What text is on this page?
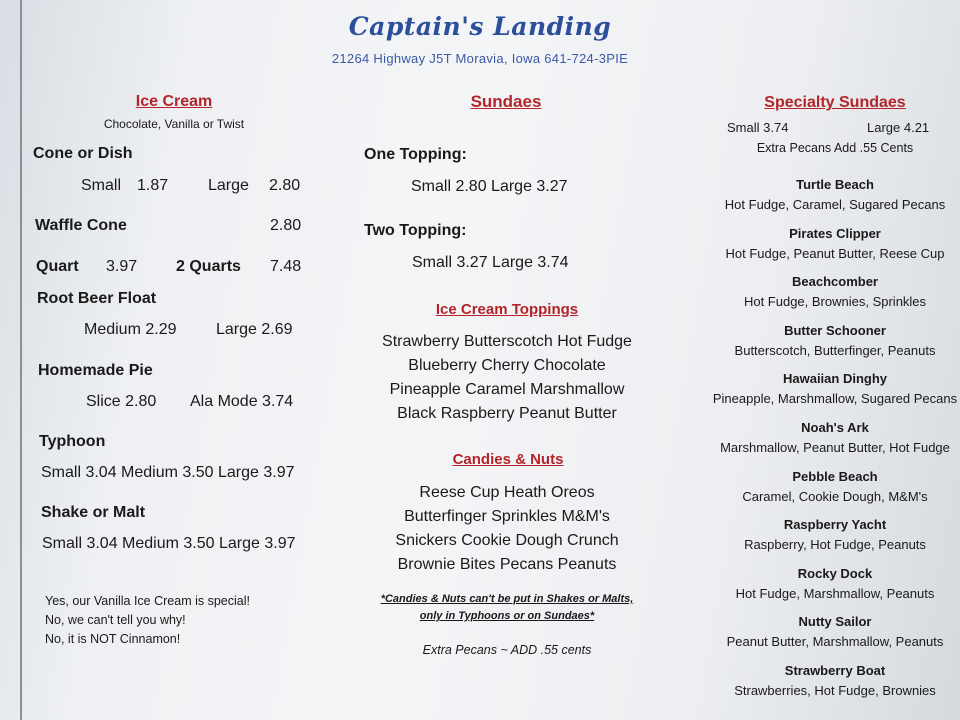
Captain's Landing
21264 Highway J5T Moravia, Iowa 641-724-3PIE
Ice Cream
Chocolate, Vanilla or Twist
Cone or Dish
Small 1.87 Large 2.80
Waffle Cone	2.80
Quart 3.97 2 Quarts 7.48
Root Beer Float
Medium 2.29 Large 2.69
Homemade Pie
Slice 2.80 Ala Mode 3.74
Typhoon
Small 3.04 Medium 3.50 Large 3.97
Shake or Malt
Small 3.04 Medium 3.50 Large 3.97
Yes, our Vanilla Ice Cream is special!
No, we can't tell you why!
No, it is NOT Cinnamon!
Sundaes
One Topping:
Small 2.80 Large 3.27
Two Topping:
Small 3.27 Large 3.74
Ice Cream Toppings
Strawberry Butterscotch Hot Fudge
Blueberry Cherry Chocolate
Pineapple Caramel Marshmallow
Black Raspberry Peanut Butter
Candies & Nuts
Reese Cup Heath Oreos
Butterfinger Sprinkles M&M's
Snickers Cookie Dough Crunch
Brownie Bites Pecans Peanuts
*Candies & Nuts can't be put in Shakes or Malts,
only in Typhoons or on Sundaes*
Extra Pecans ~ ADD .55 cents
Specialty Sundaes
Small 3.74	Large 4.21
Extra Pecans Add .55 Cents
Turtle Beach
Hot Fudge, Caramel, Sugared Pecans
Pirates Clipper
Hot Fudge, Peanut Butter, Reese Cup
Beachcomber
Hot Fudge, Brownies, Sprinkles
Butter Schooner
Butterscotch, Butterfinger, Peanuts
Hawaiian Dinghy
Pineapple, Marshmallow, Sugared Pecans
Noah's Ark
Marshmallow, Peanut Butter, Hot Fudge
Pebble Beach
Caramel, Cookie Dough, M&M's
Raspberry Yacht
Raspberry, Hot Fudge, Peanuts
Rocky Dock
Hot Fudge, Marshmallow, Peanuts
Nutty Sailor
Peanut Butter, Marshmallow, Peanuts
Strawberry Boat
Strawberries, Hot Fudge, Brownies
